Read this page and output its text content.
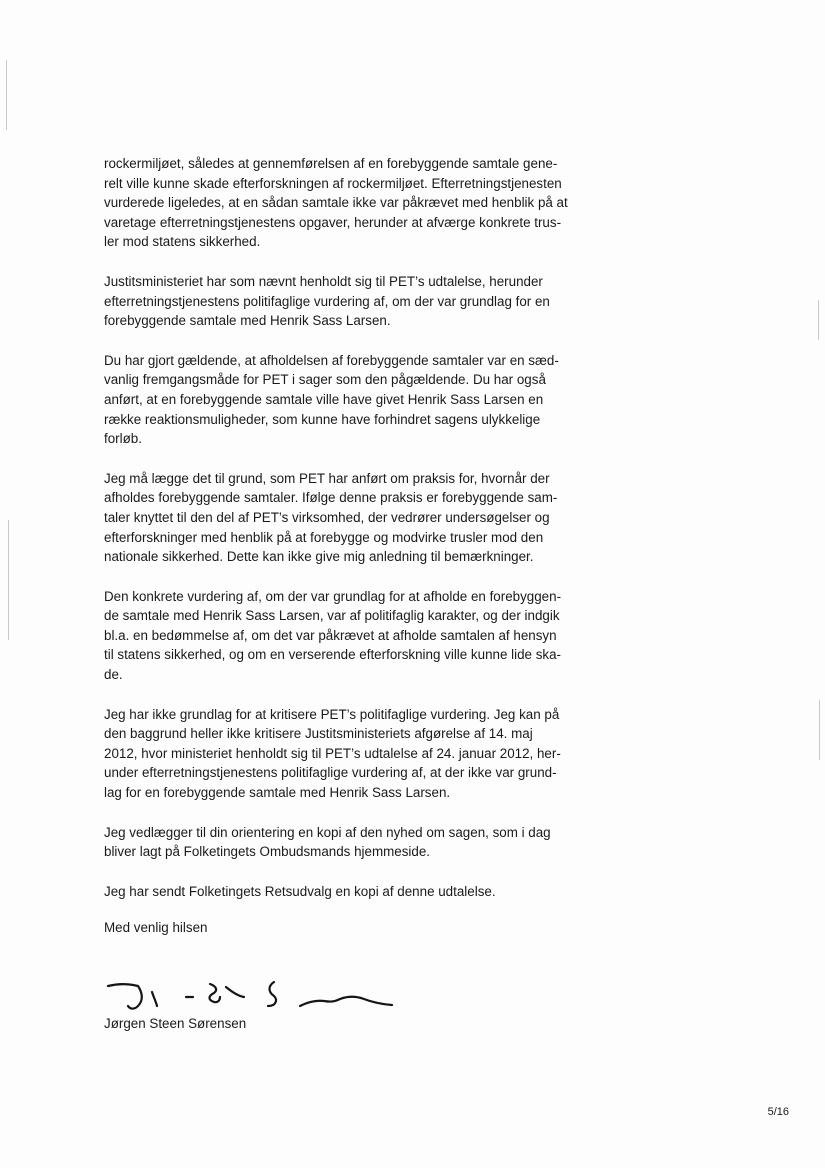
rockermiljøet, således at gennemførelsen af en forebyggende samtale gene-
relt ville kunne skade efterforskningen af rockermiljøet. Efterretningstjenesten
vurderede ligeledes, at en sådan samtale ikke var påkrævet med henblik på at
varetage efterretningstjenestens opgaver, herunder at afværge konkrete trus-
ler mod statens sikkerhed.

Justitsministeriet har som nævnt henholdt sig til PET’s udtalelse, herunder
efterretningstjenestens politifaglige vurdering af, om der var grundlag for en
forebyggende samtale med Henrik Sass Larsen.

Du har gjort gældende, at afholdelsen af forebyggende samtaler var en sæd-
vanlig fremgangsmåde for PET i sager som den pågældende. Du har også
anført, at en forebyggende samtale ville have givet Henrik Sass Larsen en
række reaktionsmuligheder, som kunne have forhindret sagens ulykkelige
forløb.

Jeg må lægge det til grund, som PET har anført om praksis for, hvornår der
afholdes forebyggende samtaler. Ifølge denne praksis er forebyggende sam-
taler knyttet til den del af PET’s virksomhed, der vedrører undersøgelser og
efterforskninger med henblik på at forebygge og modvirke trusler mod den
nationale sikkerhed. Dette kan ikke give mig anledning til bemærkninger.

Den konkrete vurdering af, om der var grundlag for at afholde en forebyggen-
de samtale med Henrik Sass Larsen, var af politifaglig karakter, og der indgik
bl.a. en bedømmelse af, om det var påkrævet at afholde samtalen af hensyn
til statens sikkerhed, og om en verserende efterforskning ville kunne lide ska-
de.

Jeg har ikke grundlag for at kritisere PET’s politifaglige vurdering. Jeg kan på
den baggrund heller ikke kritisere Justitsministeriets afgørelse af 14. maj
2012, hvor ministeriet henholdt sig til PET’s udtalelse af 24. januar 2012, her-
under efterretningstjenestens politifaglige vurdering af, at der ikke var grund-
lag for en forebyggende samtale med Henrik Sass Larsen.

Jeg vedlægger til din orientering en kopi af den nyhed om sagen, som i dag
bliver lagt på Folketingets Ombudsmands hjemmeside.

Jeg har sendt Folketingets Retsudvalg en kopi af denne udtalelse.

Med venlig hilsen

Jørgen Steen Sørensen

5/16
